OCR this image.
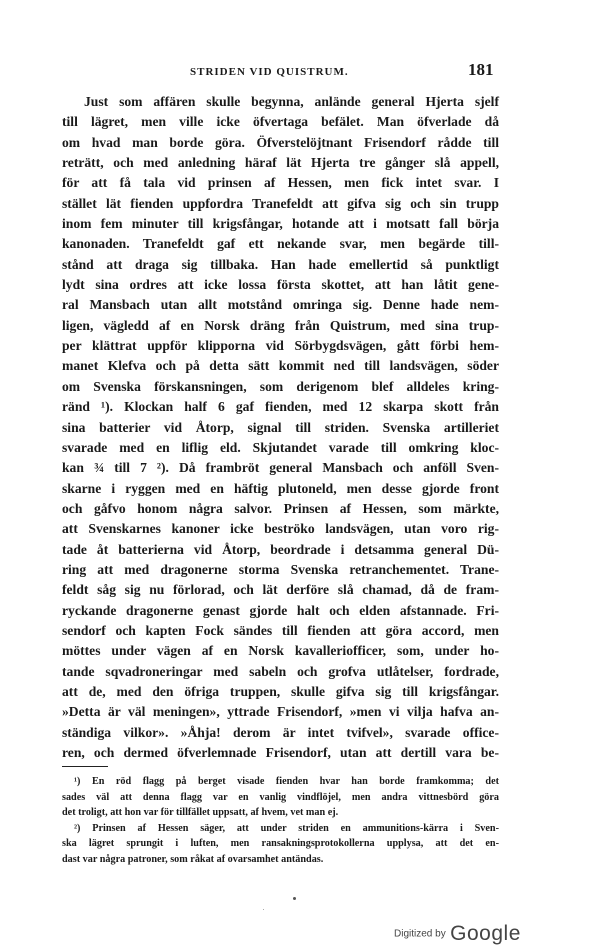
STRIDEN VID QUISTRUM.	181
Just som affären skulle begynna, anlände general Hjerta sjelf
till lägret, men ville icke öfvertaga befälet. Man öfverlade då
om hvad man borde göra. Öfverstelöjtnant Frisendorf rådde till
reträtt, och med anledning häraf lät Hjerta tre gånger slå appell,
för att få tala vid prinsen af Hessen, men fick intet svar. I
stället lät fienden uppfordra Tranefeldt att gifva sig och sin trupp
inom fem minuter till krigsfångar, hotande att i motsatt fall börja
kanonaden. Tranefeldt gaf ett nekande svar, men begärde till-
stånd att draga sig tillbaka. Han hade emellertid så punktligt
lydt sina ordres att icke lossa första skottet, att han låtit gene-
ral Mansbach utan allt motstånd omringa sig. Denne hade nem-
ligen, vägledd af en Norsk dräng från Quistrum, med sina trup-
per klättrat uppför klipporna vid Sörbygdsvägen, gått förbi hem-
manet Klefva och på detta sätt kommit ned till landsvägen, söder
om Svenska förskansningen, som derigenom blef alldeles kring-
ränd ¹). Klockan half 6 gaf fienden, med 12 skarpa skott från
sina batterier vid Åtorp, signal till striden. Svenska artilleriet
svarade med en liflig eld. Skjutandet varade till omkring kloc-
kan ¾ till 7 ²). Då frambröt general Mansbach och anföll Sven-
skarne i ryggen med en häftig plutoneld, men desse gjorde front
och gåfvo honom några salvor. Prinsen af Hessen, som märkte,
att Svenskarnes kanoner icke beströko landsvägen, utan voro rig-
tade åt batterierna vid Åtorp, beordrade i detsamma general Dü-
ring att med dragonerne storma Svenska retranchementet. Trane-
feldt såg sig nu förlorad, och lät derföre slå chamad, då de fram-
ryckande dragonerne genast gjorde halt och elden afstannade. Fri-
sendorf och kapten Fock sändes till fienden att göra accord, men
möttes under vägen af en Norsk kavalleriofficer, som, under ho-
tande sqvadroneringar med sabeln och grofva utlåtelser, fordrade,
att de, med den öfriga truppen, skulle gifva sig till krigsfångar.
»Detta är väl meningen», yttrade Frisendorf, »men vi vilja hafva an-
ständiga vilkor». »Åhja! derom är intet tvifvel», svarade office-
ren, och dermed öfverlemnade Frisendorf, utan att dertill vara be-
¹) En röd flagg på berget visade fienden hvar han borde framkomma; det
sades väl att denna flagg var en vanlig vindflöjel, men andra vittnesbörd göra
det troligt, att hon var för tillfället uppsatt, af hvem, vet man ej.
²) Prinsen af Hessen säger, att under striden en ammunitions-kärra i Sven-
ska lägret sprungit i luften, men ransakningsprotokollerna upplysa, att det en-
dast var några patroner, som råkat af ovarsamhet antändas.
Digitized by Google
